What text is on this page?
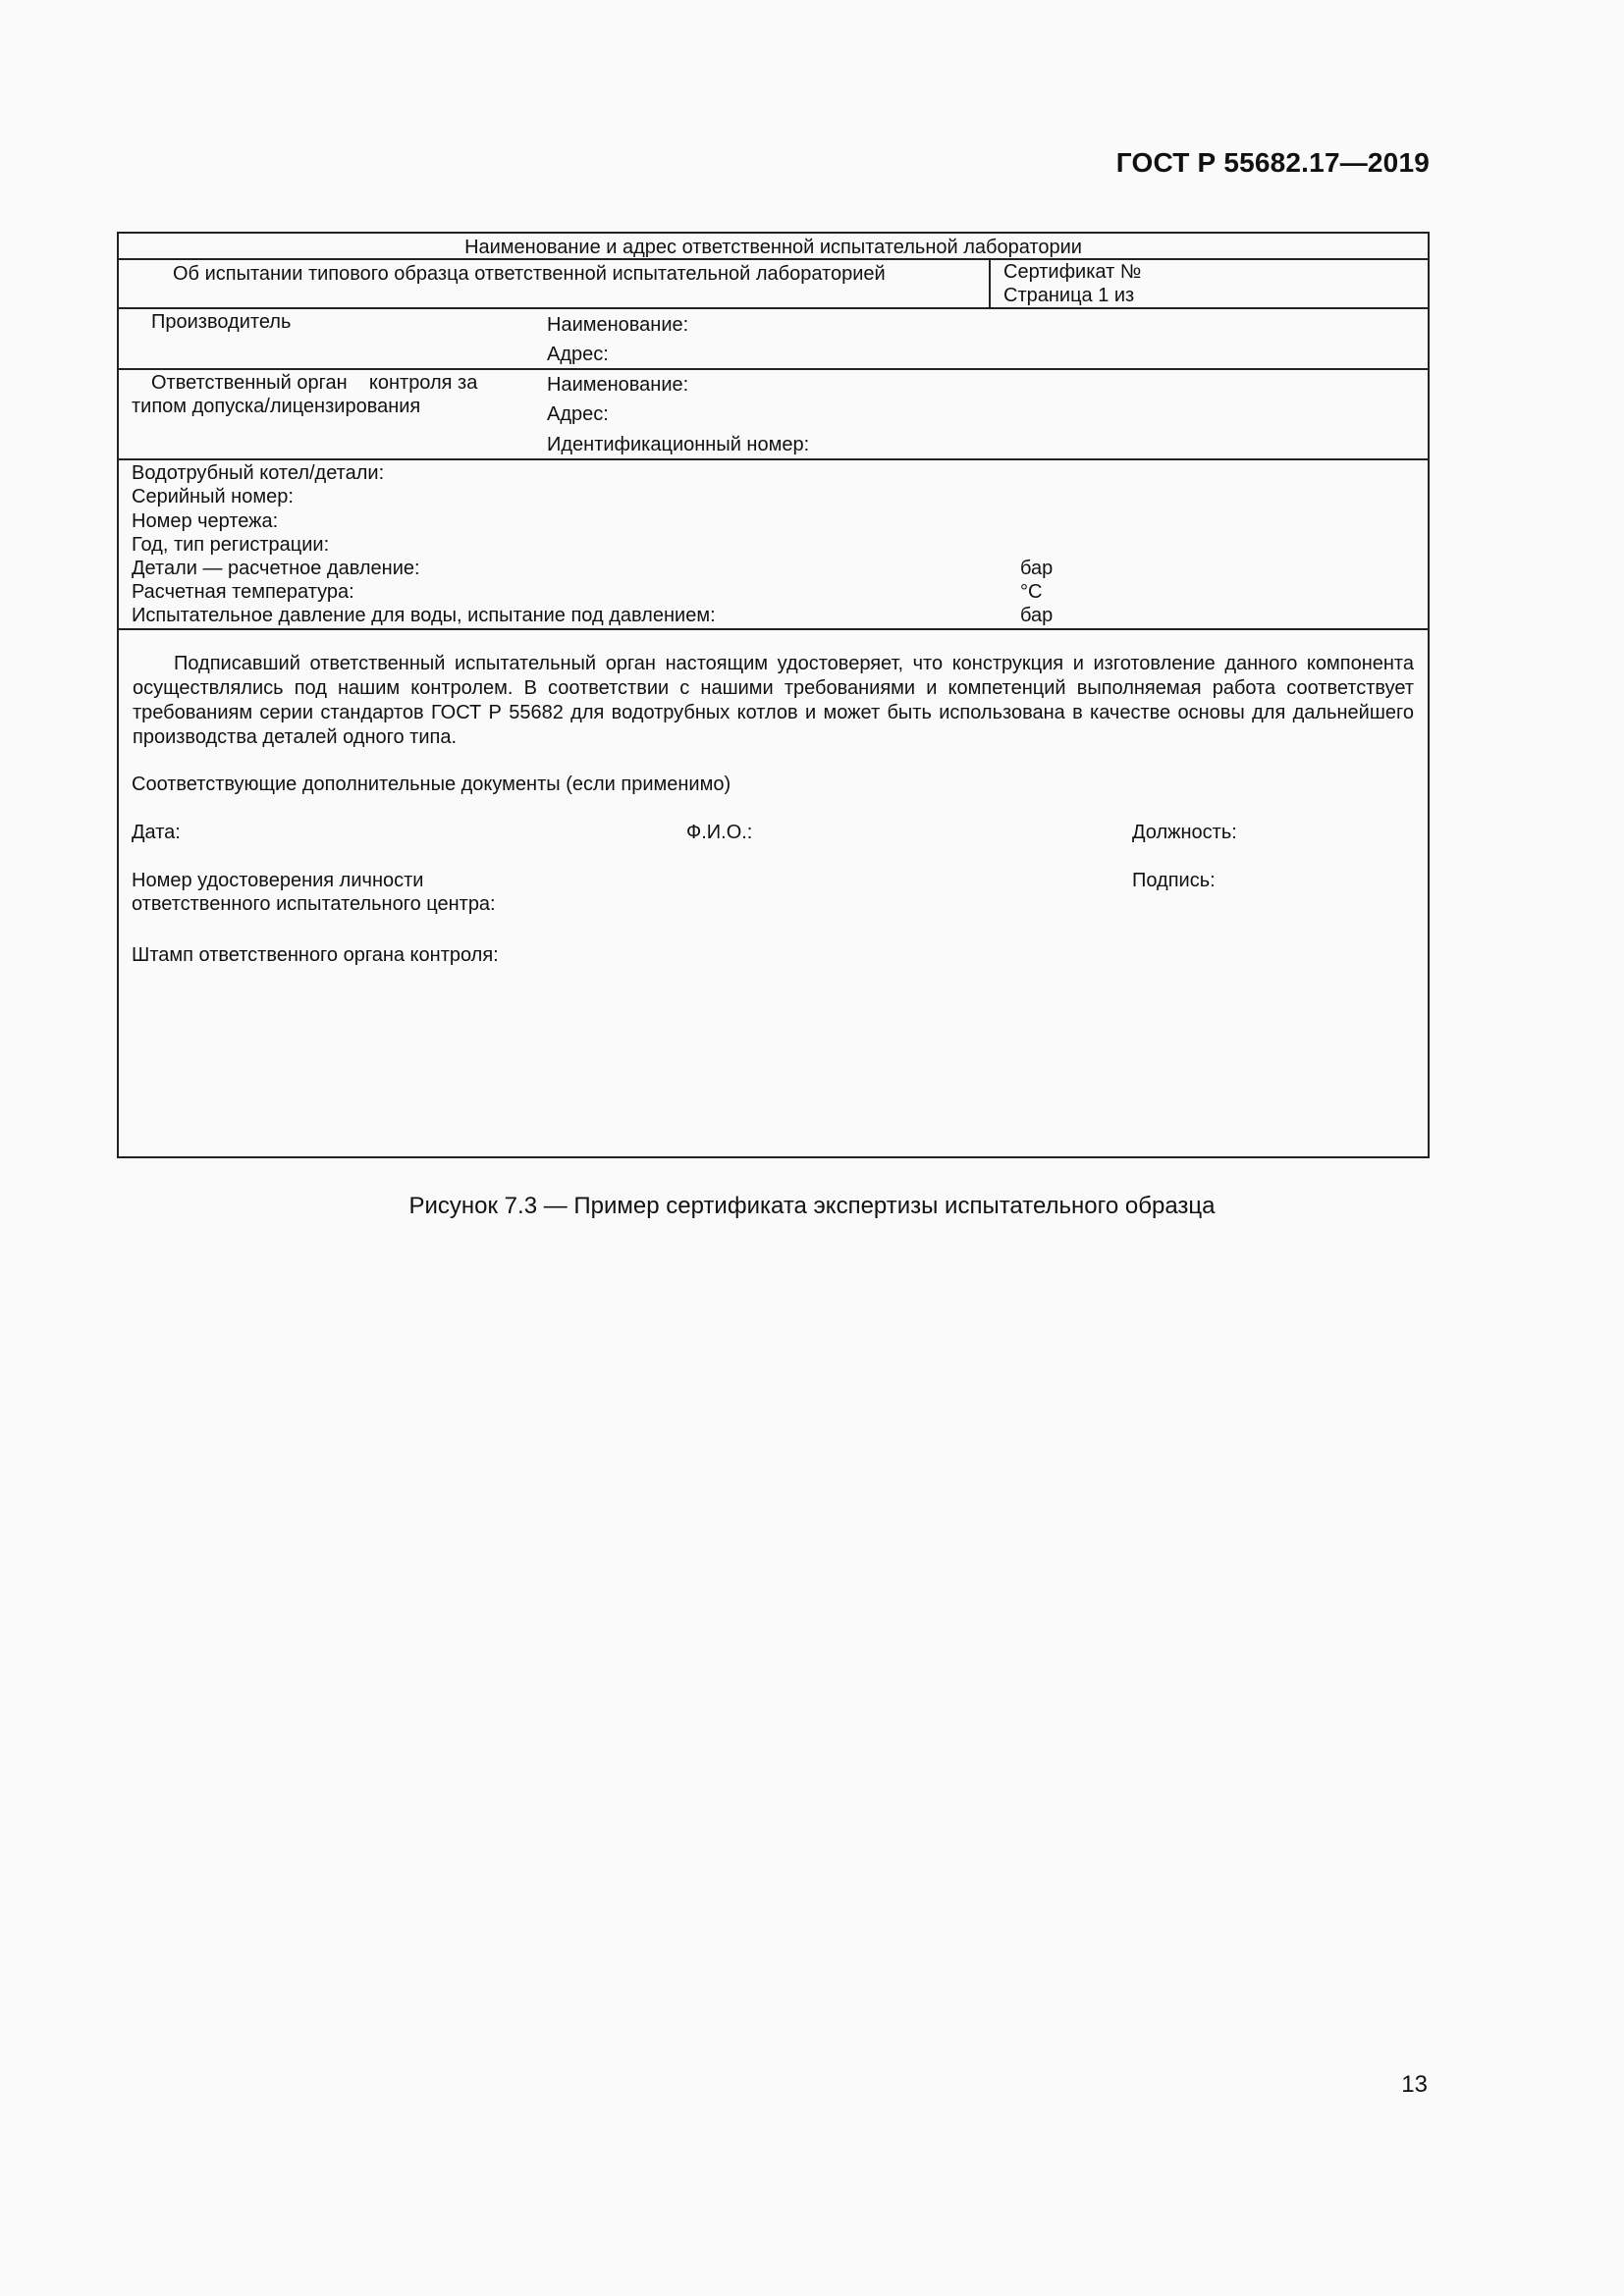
ГОСТ Р 55682.17—2019
Наименование и адрес ответственной испытательной лаборатории
Об испытании типового образца ответственной испытательной лабораторией	Сертификат №
Страница 1 из
Производитель	Наименование:
Адрес:
Ответственный орган    контроля за
типом допуска/лицензирования
Наименование:
Адрес:
Идентификационный номер:
Водотрубный котел/детали:
Серийный номер:
Номер чертежа:
Год, тип регистрации:
Детали — расчетное давление:	бар
Расчетная температура:	°C
Испытательное давление для воды, испытание под давлением:	бар
Подписавший ответственный испытательный орган настоящим удостоверяет, что конструкция и изготовление данного компонента осуществлялись под нашим контролем. В соответствии с нашими требованиями и компетенций выполняемая работа соответствует требованиям серии стандартов ГОСТ Р 55682 для водотрубных котлов и может быть использована в качестве основы для дальнейшего производства деталей одного типа.
Соответствующие дополнительные документы (если применимо)
Дата:	Ф.И.О.:	Должность:
Номер удостоверения личности
ответственного испытательного центра:
Подпись:
Штамп ответственного органа контроля:
Рисунок 7.3 — Пример сертификата экспертизы испытательного образца
13
